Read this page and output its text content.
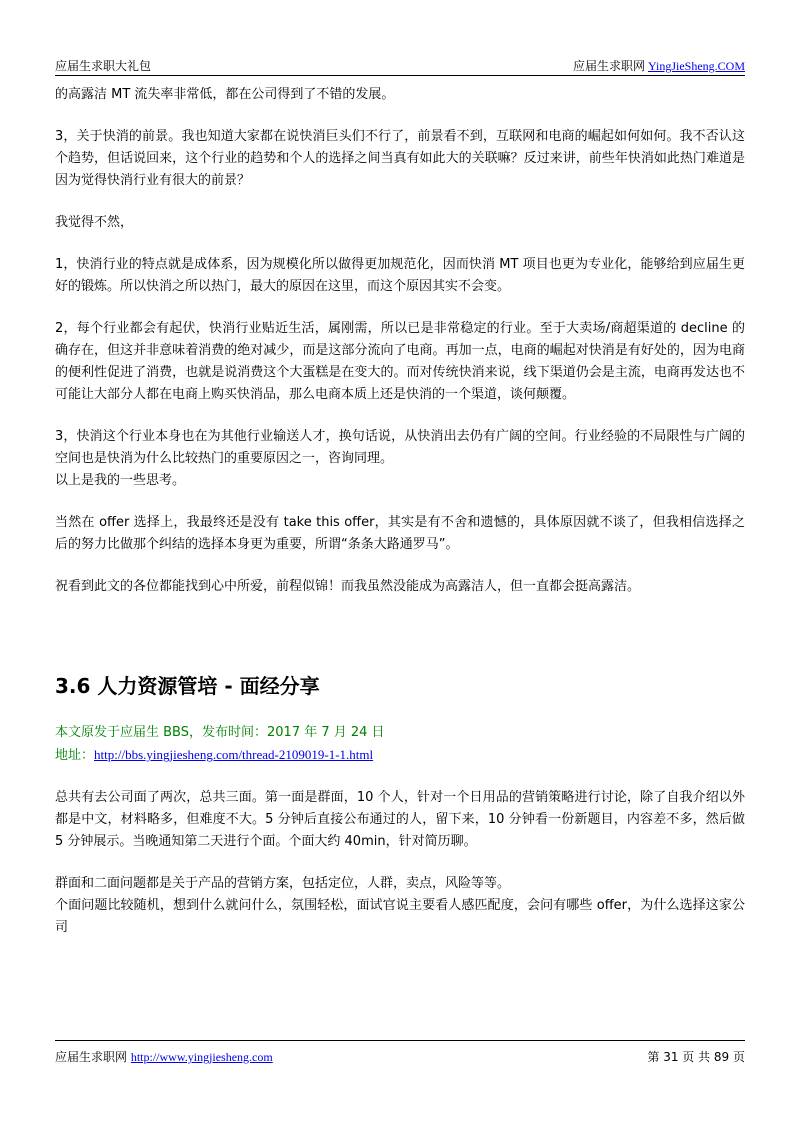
应届生求职大礼包	应届生求职网 YingJieSheng.COM

的高露洁 MT 流失率非常低，都在公司得到了不错的发展。

3，关于快消的前景。我也知道大家都在说快消巨头们不行了，前景看不到，互联网和电商的崛起如何如何。我不否认这个趋势，但话说回来，这个行业的趋势和个人的选择之间当真有如此大的关联嘛？反过来讲，前些年快消如此热门难道是因为觉得快消行业有很大的前景？

我觉得不然，

1，快消行业的特点就是成体系，因为规模化所以做得更加规范化，因而快消 MT 项目也更为专业化，能够给到应届生更好的锻炼。所以快消之所以热门，最大的原因在这里，而这个原因其实不会变。

2，每个行业都会有起伏，快消行业贴近生活，属刚需，所以已是非常稳定的行业。至于大卖场/商超渠道的 decline 的确存在，但这并非意味着消费的绝对减少，而是这部分流向了电商。再加一点，电商的崛起对快消是有好处的，因为电商的便利性促进了消费，也就是说消费这个大蛋糕是在变大的。而对传统快消来说，线下渠道仍会是主流，电商再发达也不可能让大部分人都在电商上购买快消品，那么电商本质上还是快消的一个渠道，谈何颠覆。

3，快消这个行业本身也在为其他行业输送人才，换句话说，从快消出去仍有广阔的空间。行业经验的不局限性与广阔的空间也是快消为什么比较热门的重要原因之一，咨询同理。

以上是我的一些思考。

当然在 offer 选择上，我最终还是没有 take this offer，其实是有不舍和遗憾的，具体原因就不谈了，但我相信选择之后的努力比做那个纠结的选择本身更为重要，所谓“条条大路通罗马”。

祝看到此文的各位都能找到心中所爱，前程似锦！而我虽然没能成为高露洁人，但一直都会挺高露洁。

3.6 人力资源管培 - 面经分享
本文原发于应届生 BBS，发布时间：2017 年 7 月 24 日
地址：http://bbs.yingjiesheng.com/thread-2109019-1-1.html

总共有去公司面了两次，总共三面。第一面是群面，10 个人，针对一个日用品的营销策略进行讨论，除了自我介绍以外都是中文，材料略多，但难度不大。5 分钟后直接公布通过的人，留下来，10 分钟看一份新题目，内容差不多，然后做 5 分钟展示。当晚通知第二天进行个面。个面大约 40min，针对简历聊。

群面和二面问题都是关于产品的营销方案，包括定位，人群，卖点，风险等等。

个面问题比较随机，想到什么就问什么，氛围轻松，面试官说主要看人感匹配度，会问有哪些 offer，为什么选择这家公司

应届生求职网 http://www.yingjiesheng.com	第 31 页 共 89 页
